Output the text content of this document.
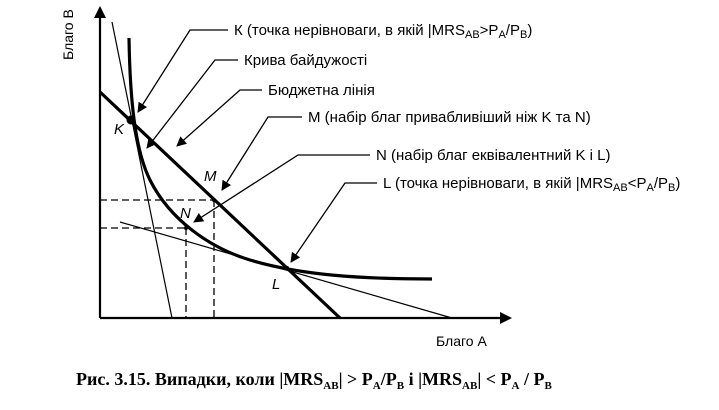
Благо B
Благо A
K
M
N
L
К (точка нерівноваги, в якій $|MRS_{AB}>P_A/P_B$)
Крива байдужості
Бюджетна лінія
M (набір благ привабливіший ніж K та N)
N (набір благ еквівалентний K і L)
L (точка нерівноваги, в якій $|MRS_{AB}<P_A/P_B$)
Рис. 3.15. Випадки, коли $|MRS_{AB}| > P_A/P_B$ і $|MRS_{AB}| < P_A / P_B$
